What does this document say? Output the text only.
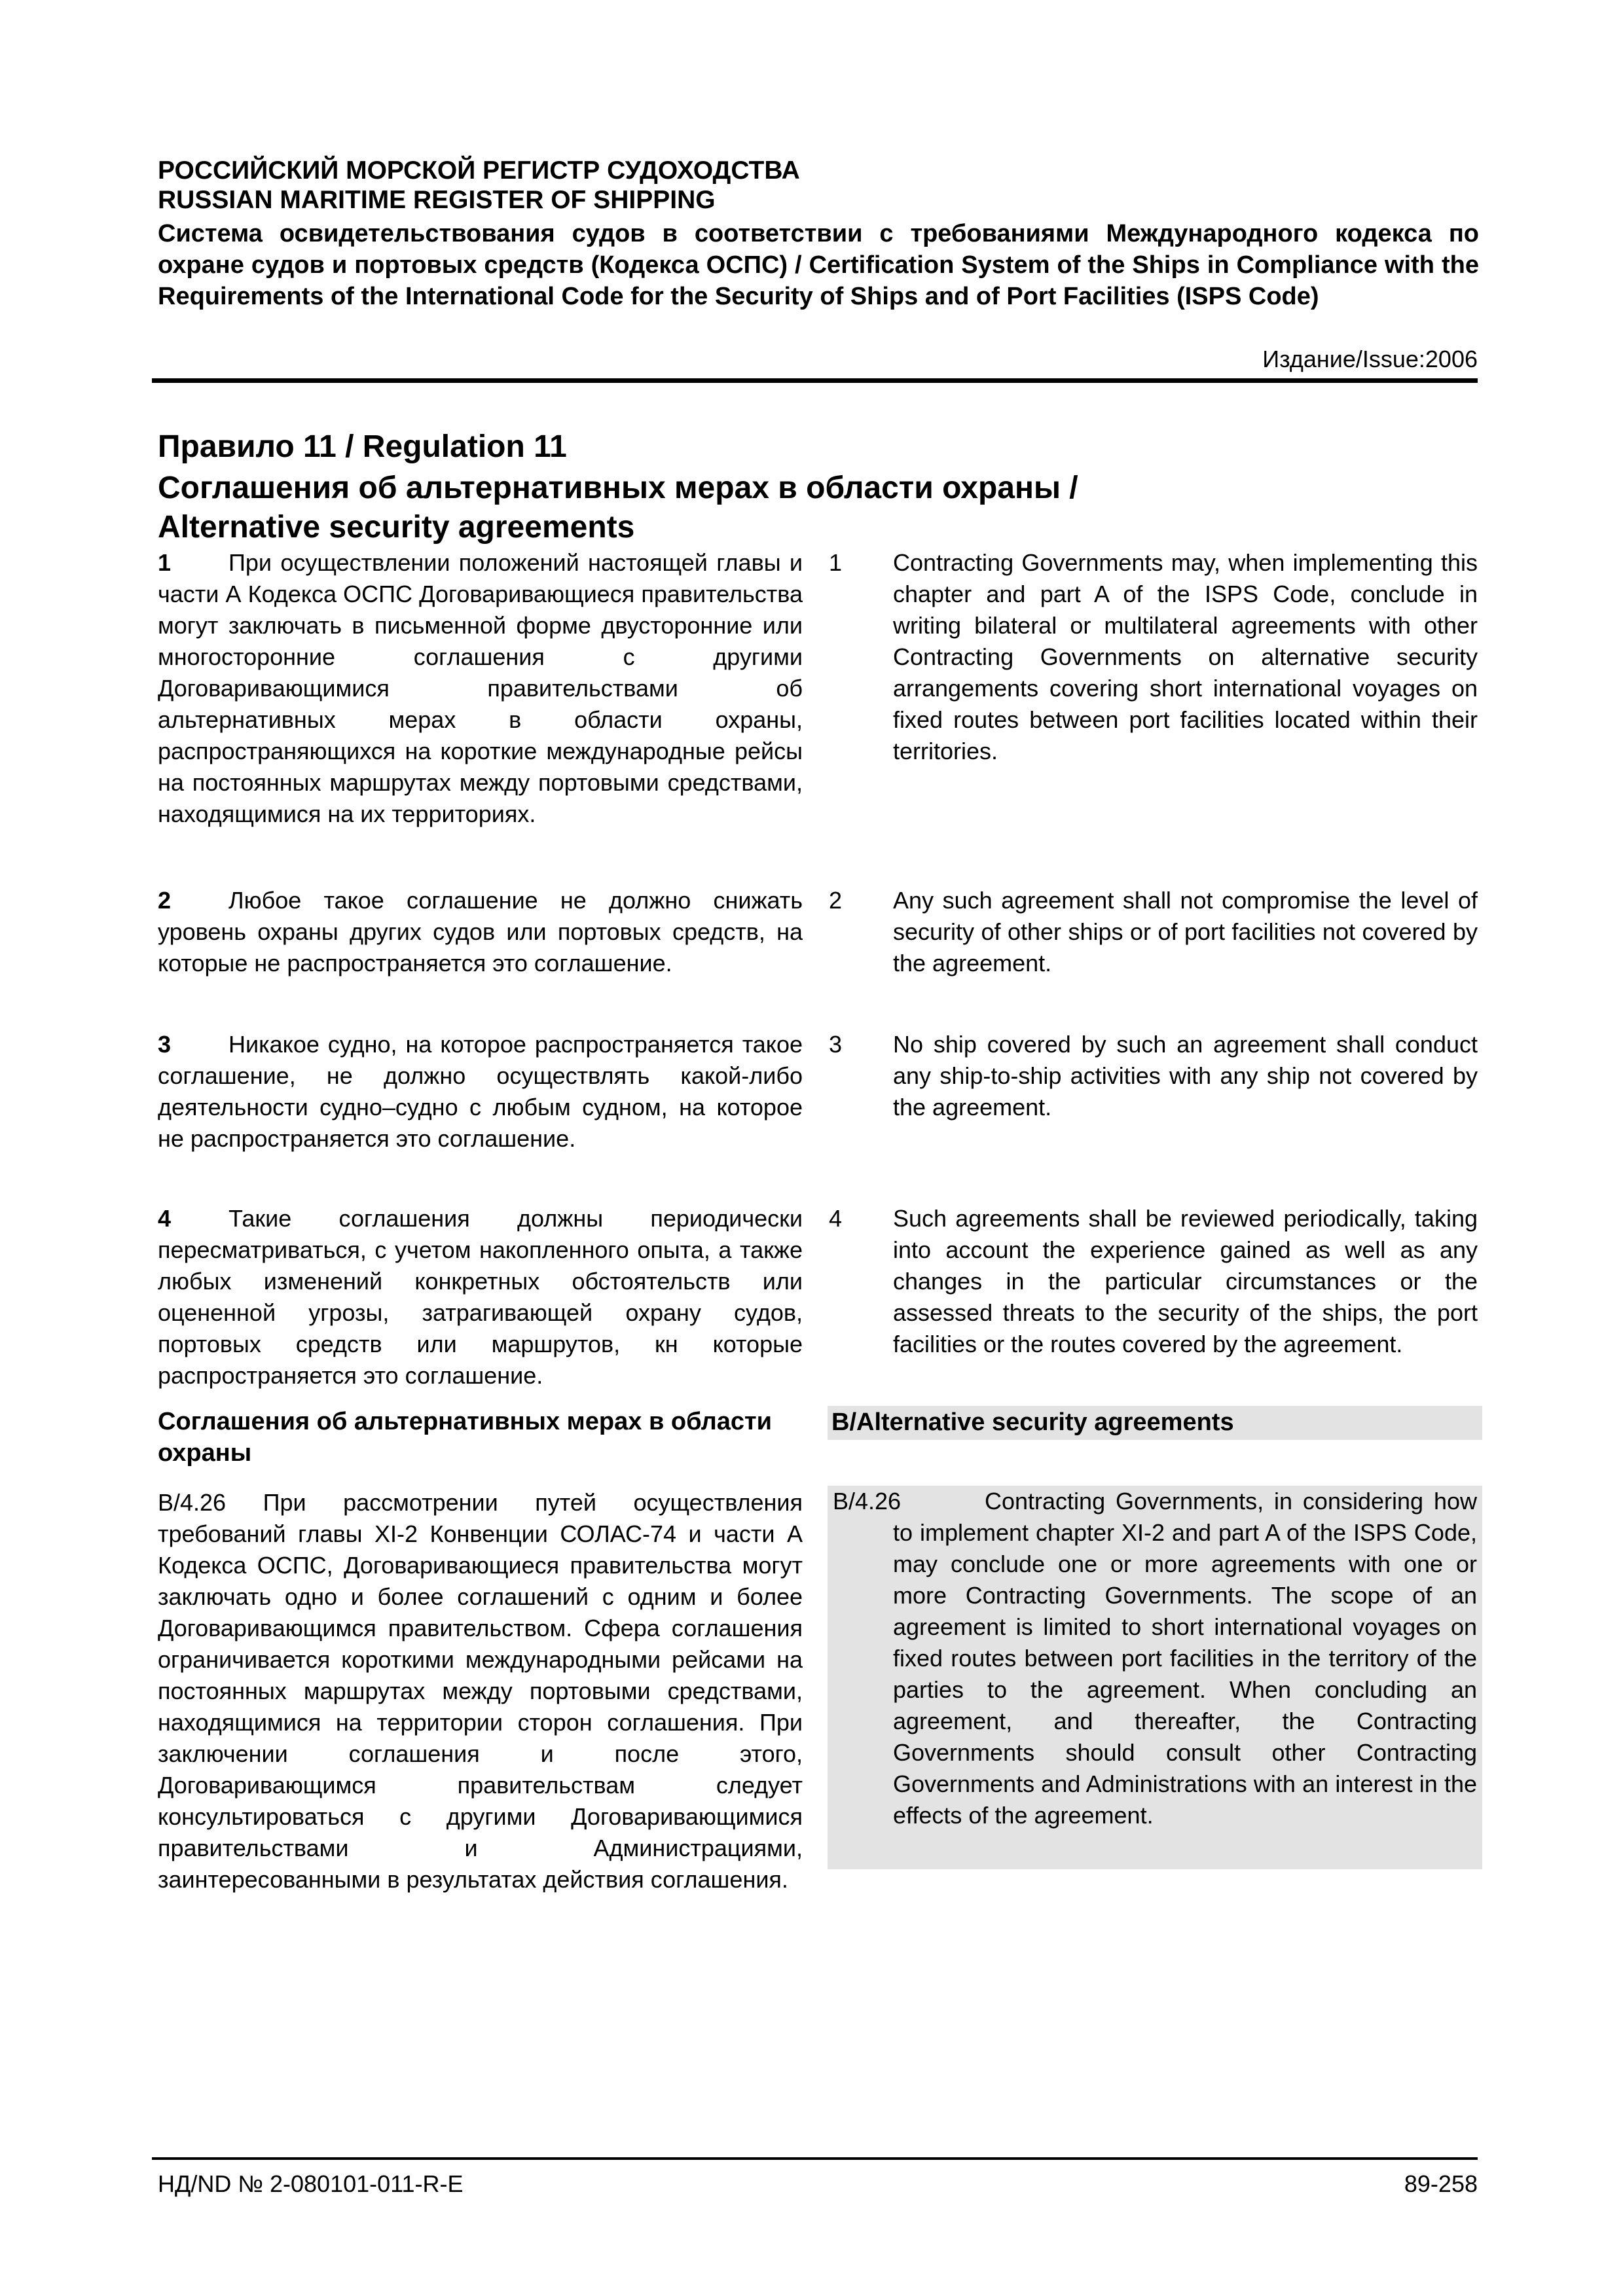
РОССИЙСКИЙ МОРСКОЙ РЕГИСТР СУДОХОДСТВА
RUSSIAN MARITIME REGISTER OF SHIPPING
Система освидетельствования судов в соответствии с требованиями Международного кодекса по охране судов и портовых средств (Кодекса ОСПС) / Certification System of the Ships in Compliance with the Requirements of the International Code for the Security of Ships and of Port Facilities (ISPS Code)
Издание/Issue:2006
Правило 11 / Regulation 11
Соглашения об альтернативных мерах в области охраны /
Alternative security agreements
1 При осуществлении положений настоящей главы и части А Кодекса ОСПС Договаривающиеся правительства могут заключать в письменной форме двусторонние или многосторонние соглашения с другими Договаривающимися правительствами об альтернативных мерах в области охраны, распространяющихся на короткие международные рейсы на постоянных маршрутах между портовыми средствами, находящимися на их территориях.
1	Contracting Governments may, when implementing this chapter and part A of the ISPS Code, conclude in writing bilateral or multilateral agreements with other Contracting Governments on alternative security arrangements covering short international voyages on fixed routes between port facilities located within their territories.
2 Любое такое соглашение не должно снижать уровень охраны других судов или портовых средств, на которые не распространяется это соглашение.
2	Any such agreement shall not compromise the level of security of other ships or of port facilities not covered by the agreement.
3 Никакое судно, на которое распространяется такое соглашение, не должно осуществлять какой-либо деятельности судно–судно с любым судном, на которое не распространяется это соглашение.
3	No ship covered by such an agreement shall conduct any ship-to-ship activities with any ship not covered by the agreement.
4 Такие соглашения должны периодически пересматриваться, с учетом накопленного опыта, а также любых изменений конкретных обстоятельств или оцененной угрозы, затрагивающей охрану судов, портовых средств или маршрутов, кн которые распространяется это соглашение.
4	Such agreements shall be reviewed periodically, taking into account the experience gained as well as any changes in the particular circumstances or the assessed threats to the security of the ships, the port facilities or the routes covered by the agreement.
Соглашения об альтернативных мерах в области охраны
B/Alternative security agreements
B/4.26 При рассмотрении путей осуществления требований главы XI-2 Конвенции СОЛАС-74 и части А Кодекса ОСПС, Договаривающиеся правительства могут заключать одно и более соглашений с одним и более Договаривающимся правительством. Сфера соглашения ограничивается короткими международными рейсами на постоянных маршрутах между портовыми средствами, находящимися на территории сторон соглашения. При заключении соглашения и после этого, Договаривающимся правительствам следует консультироваться с другими Договаривающимися правительствами и Администрациями, заинтересованными в результатах действия соглашения.
B/4.26	Contracting Governments, in considering how to implement chapter XI-2 and part A of the ISPS Code, may conclude one or more agreements with one or more Contracting Governments. The scope of an agreement is limited to short international voyages on fixed routes between port facilities in the territory of the parties to the agreement. When concluding an agreement, and thereafter, the Contracting Governments should consult other Contracting Governments and Administrations with an interest in the effects of the agreement.
НД/ND № 2-080101-011-R-E	89-258
